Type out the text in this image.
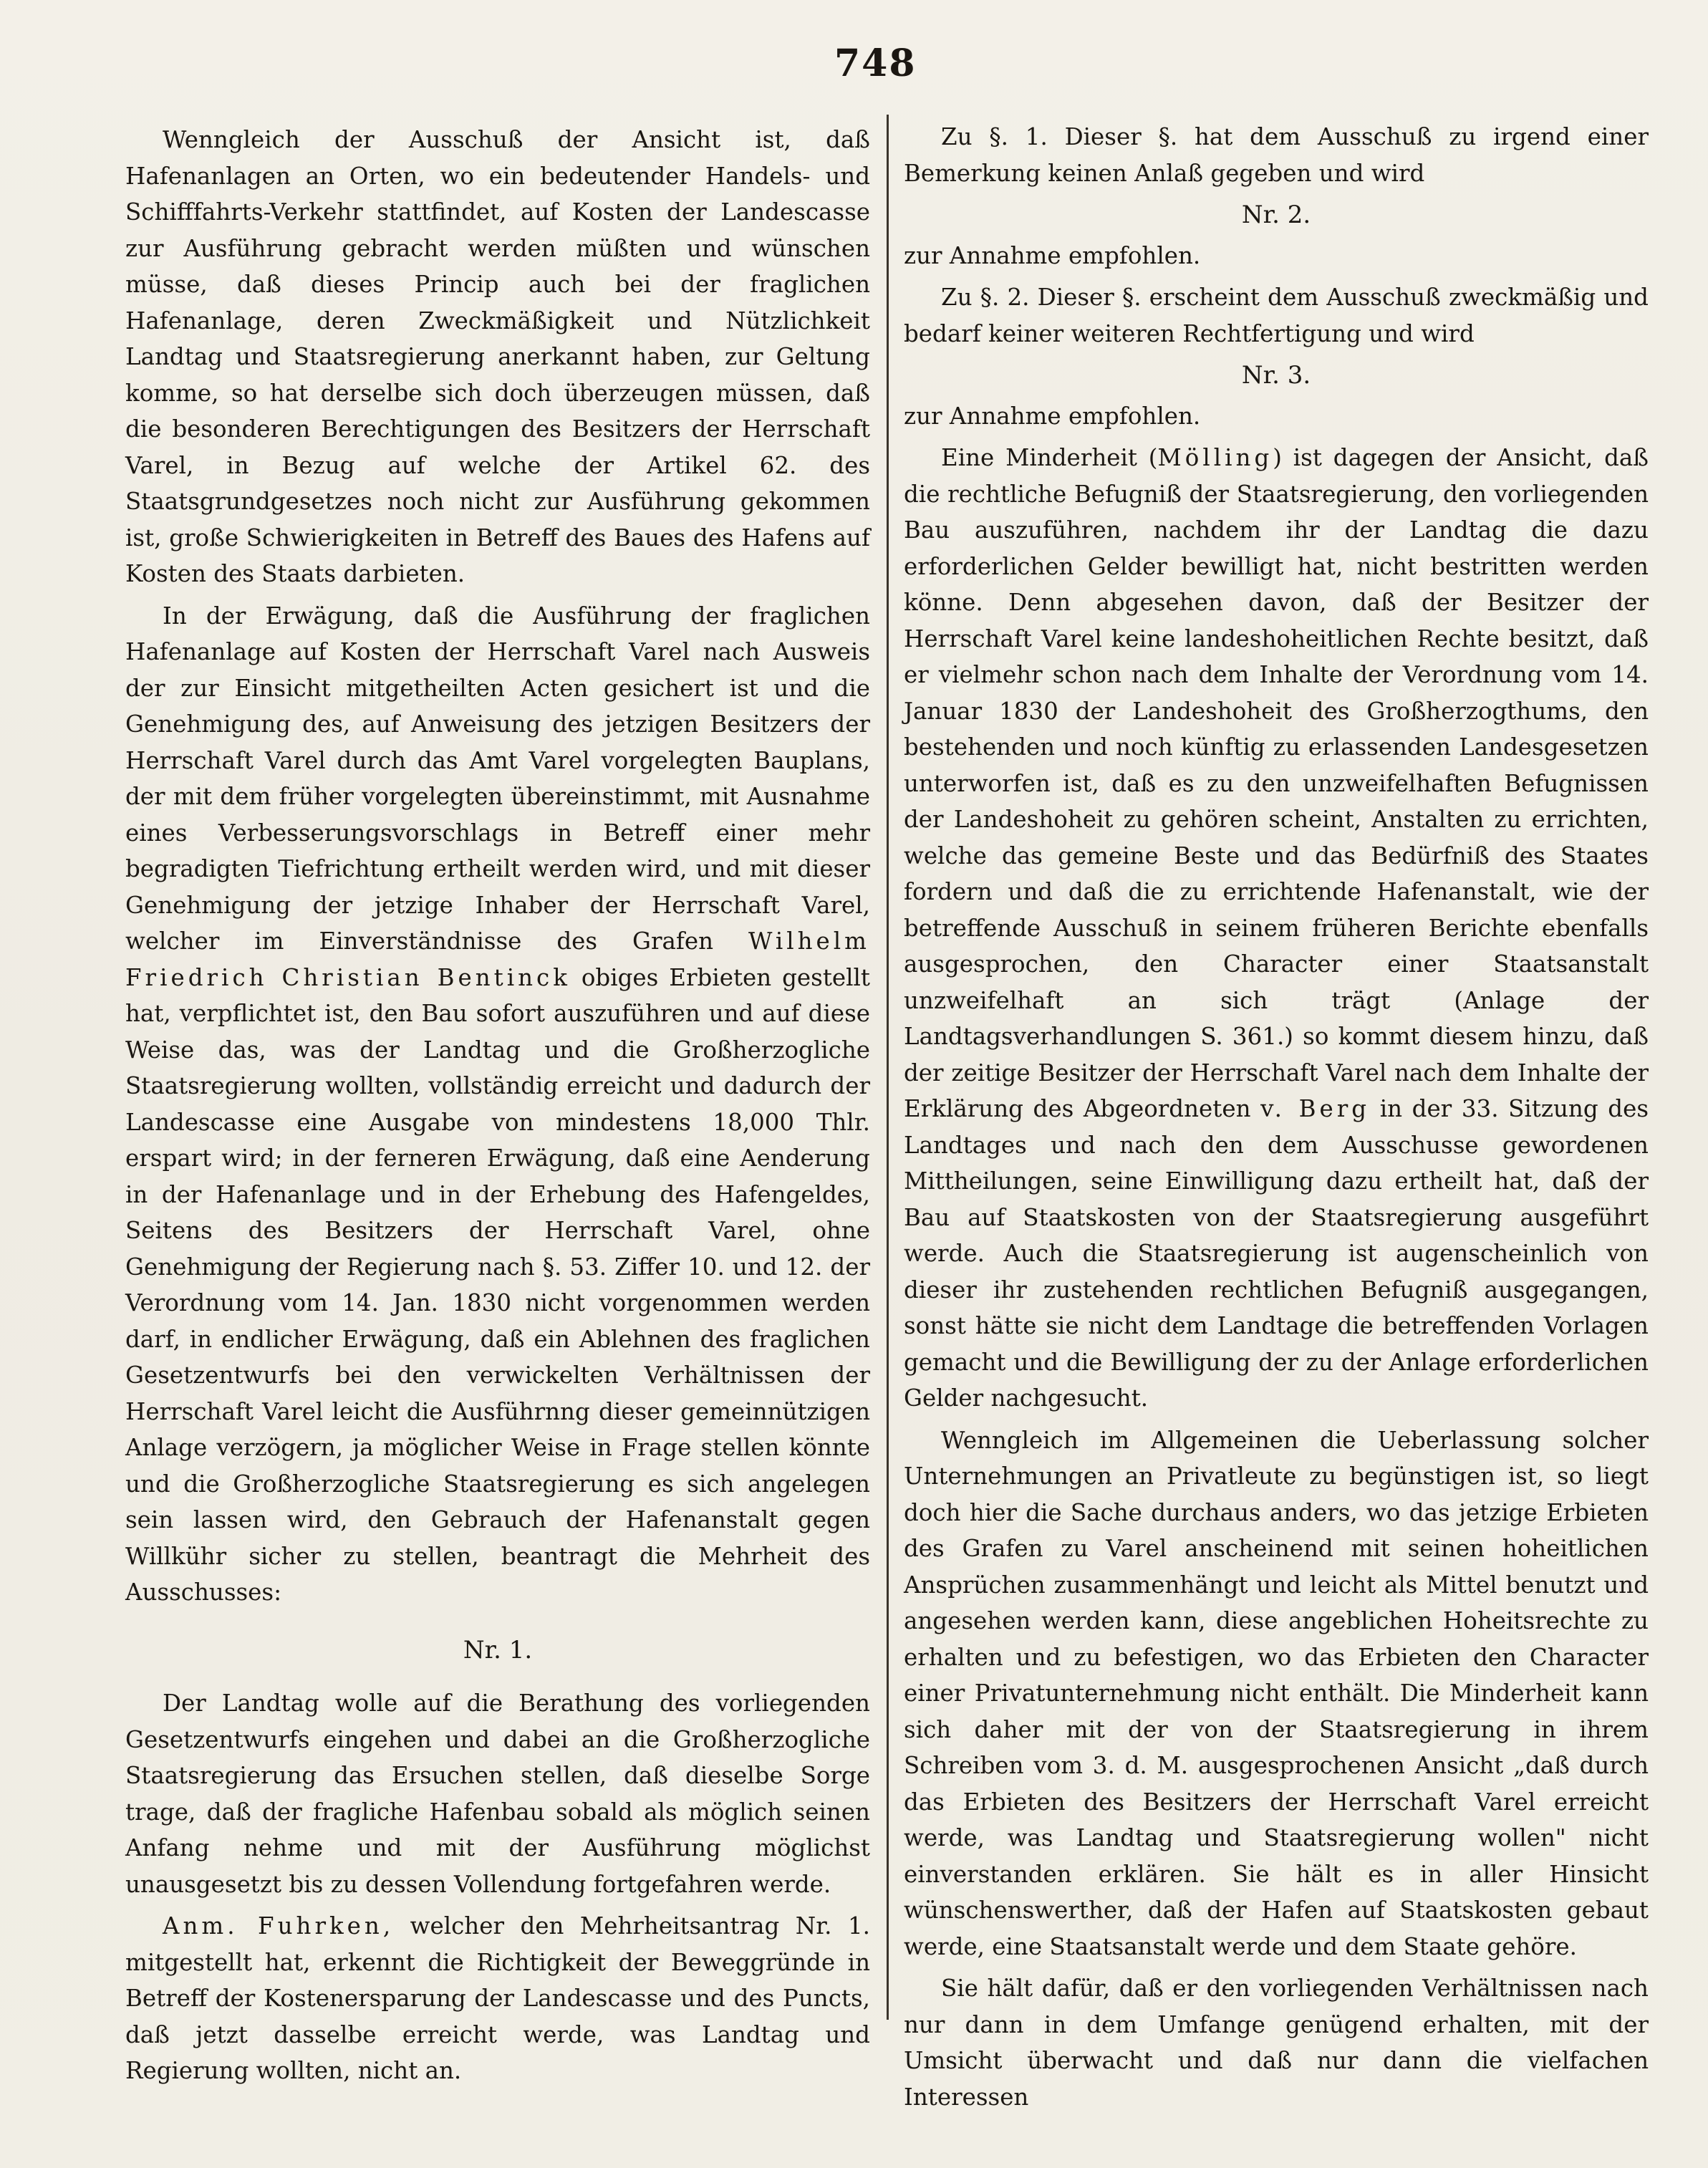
748

Wenngleich der Ausschuß der Ansicht ist, daß Hafenanlagen an Orten, wo ein bedeutender Handels- und Schifffahrts-Verkehr stattfindet, auf Kosten der Landescasse zur Ausführung gebracht werden müßten und wünschen müsse, daß dieses Princip auch bei der fraglichen Hafenanlage, deren Zweckmäßigkeit und Nützlichkeit Landtag und Staatsregierung anerkannt haben, zur Geltung komme, so hat derselbe sich doch überzeugen müssen, daß die besonderen Berechtigungen des Besitzers der Herrschaft Varel, in Bezug auf welche der Artikel 62. des Staatsgrundgesetzes noch nicht zur Ausführung gekommen ist, große Schwierigkeiten in Betreff des Baues des Hafens auf Kosten des Staats darbieten.

In der Erwägung, daß die Ausführung der fraglichen Hafenanlage auf Kosten der Herrschaft Varel nach Ausweis der zur Einsicht mitgetheilten Acten gesichert ist und die Genehmigung des, auf Anweisung des jetzigen Besitzers der Herrschaft Varel durch das Amt Varel vorgelegten Bauplans, der mit dem früher vorgelegten übereinstimmt, mit Ausnahme eines Verbesserungsvorschlags in Betreff einer mehr begradigten Tiefrichtung ertheilt werden wird, und mit dieser Genehmigung der jetzige Inhaber der Herrschaft Varel, welcher im Einverständnisse des Grafen Wilhelm Friedrich Christian Bentinck obiges Erbieten gestellt hat, verpflichtet ist, den Bau sofort auszuführen und auf diese Weise das, was der Landtag und die Großherzogliche Staatsregierung wollten, vollständig erreicht und dadurch der Landescasse eine Ausgabe von mindestens 18,000 Thlr. erspart wird; in der ferneren Erwägung, daß eine Aenderung in der Hafenanlage und in der Erhebung des Hafengeldes, Seitens des Besitzers der Herrschaft Varel, ohne Genehmigung der Regierung nach §. 53. Ziffer 10. und 12. der Verordnung vom 14. Jan. 1830 nicht vorgenommen werden darf, in endlicher Erwägung, daß ein Ablehnen des fraglichen Gesetzentwurfs bei den verwickelten Verhältnissen der Herrschaft Varel leicht die Ausführnng dieser gemeinnützigen Anlage verzögern, ja möglicher Weise in Frage stellen könnte und die Großherzogliche Staatsregierung es sich angelegen sein lassen wird, den Gebrauch der Hafenanstalt gegen Willkühr sicher zu stellen, beantragt die Mehrheit des Ausschusses:

Nr. 1.

Der Landtag wolle auf die Berathung des vorliegenden Gesetzentwurfs eingehen und dabei an die Großherzogliche Staatsregierung das Ersuchen stellen, daß dieselbe Sorge trage, daß der fragliche Hafenbau sobald als möglich seinen Anfang nehme und mit der Ausführung möglichst unausgesetzt bis zu dessen Vollendung fortgefahren werde.

Anm. Fuhrken, welcher den Mehrheitsantrag Nr. 1. mitgestellt hat, erkennt die Richtigkeit der Beweggründe in Betreff der Kostenersparung der Landescasse und des Puncts, daß jetzt dasselbe erreicht werde, was Landtag und Regierung wollten, nicht an.

Zu §. 1. Dieser §. hat dem Ausschuß zu irgend einer Bemerkung keinen Anlaß gegeben und wird

Nr. 2.

zur Annahme empfohlen.

Zu §. 2. Dieser §. erscheint dem Ausschuß zweckmäßig und bedarf keiner weiteren Rechtfertigung und wird

Nr. 3.

zur Annahme empfohlen.

Eine Minderheit (Mölling) ist dagegen der Ansicht, daß die rechtliche Befugniß der Staatsregierung, den vorliegenden Bau auszuführen, nachdem ihr der Landtag die dazu erforderlichen Gelder bewilligt hat, nicht bestritten werden könne. Denn abgesehen davon, daß der Besitzer der Herrschaft Varel keine landeshoheitlichen Rechte besitzt, daß er vielmehr schon nach dem Inhalte der Verordnung vom 14. Januar 1830 der Landeshoheit des Großherzogthums, den bestehenden und noch künftig zu erlassenden Landesgesetzen unterworfen ist, daß es zu den unzweifelhaften Befugnissen der Landeshoheit zu gehören scheint, Anstalten zu errichten, welche das gemeine Beste und das Bedürfniß des Staates fordern und daß die zu errichtende Hafenanstalt, wie der betreffende Ausschuß in seinem früheren Berichte ebenfalls ausgesprochen, den Character einer Staatsanstalt unzweifelhaft an sich trägt (Anlage der Landtagsverhandlungen S. 361.) so kommt diesem hinzu, daß der zeitige Besitzer der Herrschaft Varel nach dem Inhalte der Erklärung des Abgeordneten v. Berg in der 33. Sitzung des Landtages und nach den dem Ausschusse gewordenen Mittheilungen, seine Einwilligung dazu ertheilt hat, daß der Bau auf Staatskosten von der Staatsregierung ausgeführt werde. Auch die Staatsregierung ist augenscheinlich von dieser ihr zustehenden rechtlichen Befugniß ausgegangen, sonst hätte sie nicht dem Landtage die betreffenden Vorlagen gemacht und die Bewilligung der zu der Anlage erforderlichen Gelder nachgesucht.

Wenngleich im Allgemeinen die Ueberlassung solcher Unternehmungen an Privatleute zu begünstigen ist, so liegt doch hier die Sache durchaus anders, wo das jetzige Erbieten des Grafen zu Varel anscheinend mit seinen hoheitlichen Ansprüchen zusammenhängt und leicht als Mittel benutzt und angesehen werden kann, diese angeblichen Hoheitsrechte zu erhalten und zu befestigen, wo das Erbieten den Character einer Privatunternehmung nicht enthält. Die Minderheit kann sich daher mit der von der Staatsregierung in ihrem Schreiben vom 3. d. M. ausgesprochenen Ansicht „daß durch das Erbieten des Besitzers der Herrschaft Varel erreicht werde, was Landtag und Staatsregierung wollen" nicht einverstanden erklären. Sie hält es in aller Hinsicht wünschenswerther, daß der Hafen auf Staatskosten gebaut werde, eine Staatsanstalt werde und dem Staate gehöre.

Sie hält dafür, daß er den vorliegenden Verhältnissen nach nur dann in dem Umfange genügend erhalten, mit der Umsicht überwacht und daß nur dann die vielfachen Interessen
